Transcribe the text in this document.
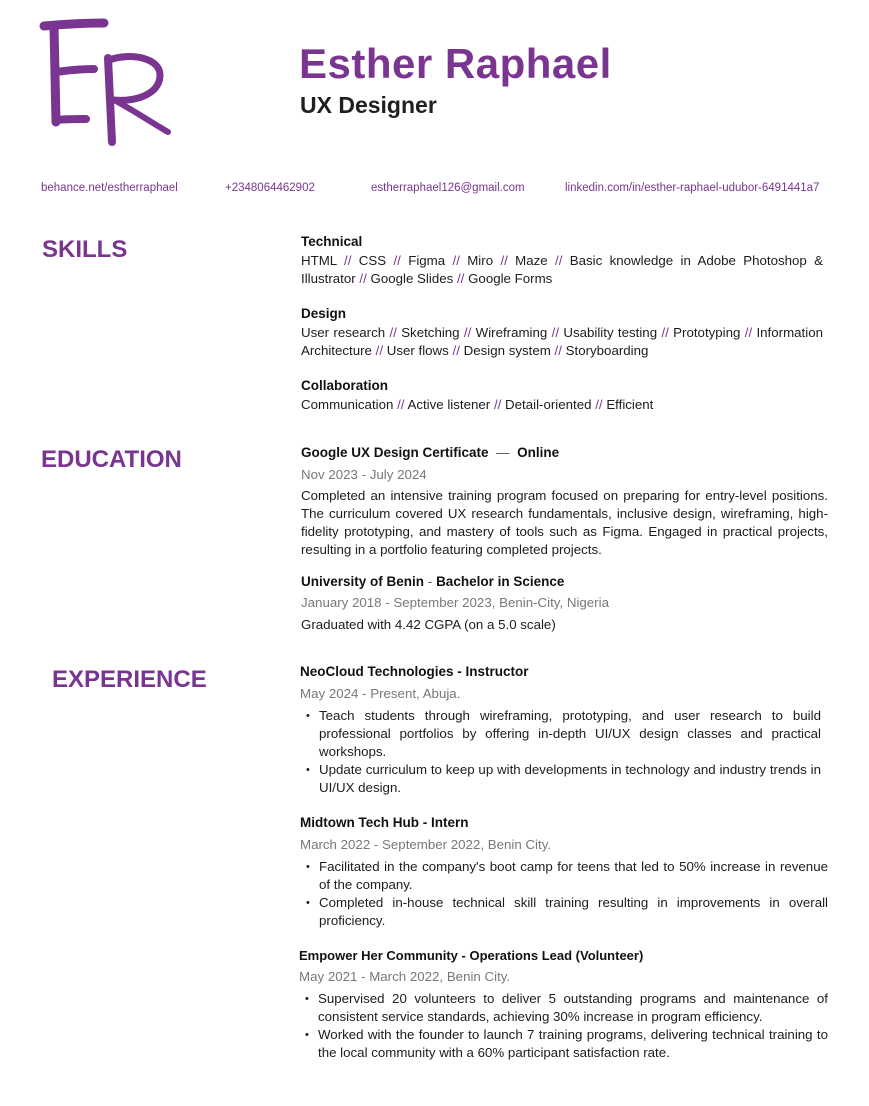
Esther Raphael
UX Designer
behance.net/estherraphael	+2348064462902	estherraphael126@gmail.com	linkedin.com/in/esther-raphael-udubor-6491441a7
SKILLS	Technical
HTML // CSS // Figma // Miro // Maze // Basic knowledge in Adobe Photoshop & Illustrator // Google Slides // Google Forms
Design
User research // Sketching // Wireframing // Usability testing // Prototyping // Information Architecture // User flows // Design system // Storyboarding
Collaboration
Communication // Active listener // Detail-oriented // Efficient
EDUCATION	Google UX Design Certificate — Online
Nov 2023 - July 2024
Completed an intensive training program focused on preparing for entry-level positions. The curriculum covered UX research fundamentals, inclusive design, wireframing, high-fidelity prototyping, and mastery of tools such as Figma. Engaged in practical projects, resulting in a portfolio featuring completed projects.
University of Benin - Bachelor in Science
January 2018 - September 2023, Benin-City, Nigeria
Graduated with 4.42 CGPA (on a 5.0 scale)
EXPERIENCE	NeoCloud Technologies - Instructor
May 2024 - Present, Abuja.
• Teach students through wireframing, prototyping, and user research to build professional portfolios by offering in-depth UI/UX design classes and practical workshops.
• Update curriculum to keep up with developments in technology and industry trends in UI/UX design.
Midtown Tech Hub - Intern
March 2022 - September 2022, Benin City.
• Facilitated in the company's boot camp for teens that led to 50% increase in revenue of the company.
• Completed in-house technical skill training resulting in improvements in overall proficiency.
Empower Her Community - Operations Lead (Volunteer)
May 2021 - March 2022, Benin City.
• Supervised 20 volunteers to deliver 5 outstanding programs and maintenance of consistent service standards, achieving 30% increase in program efficiency.
• Worked with the founder to launch 7 training programs, delivering technical training to the local community with a 60% participant satisfaction rate.
